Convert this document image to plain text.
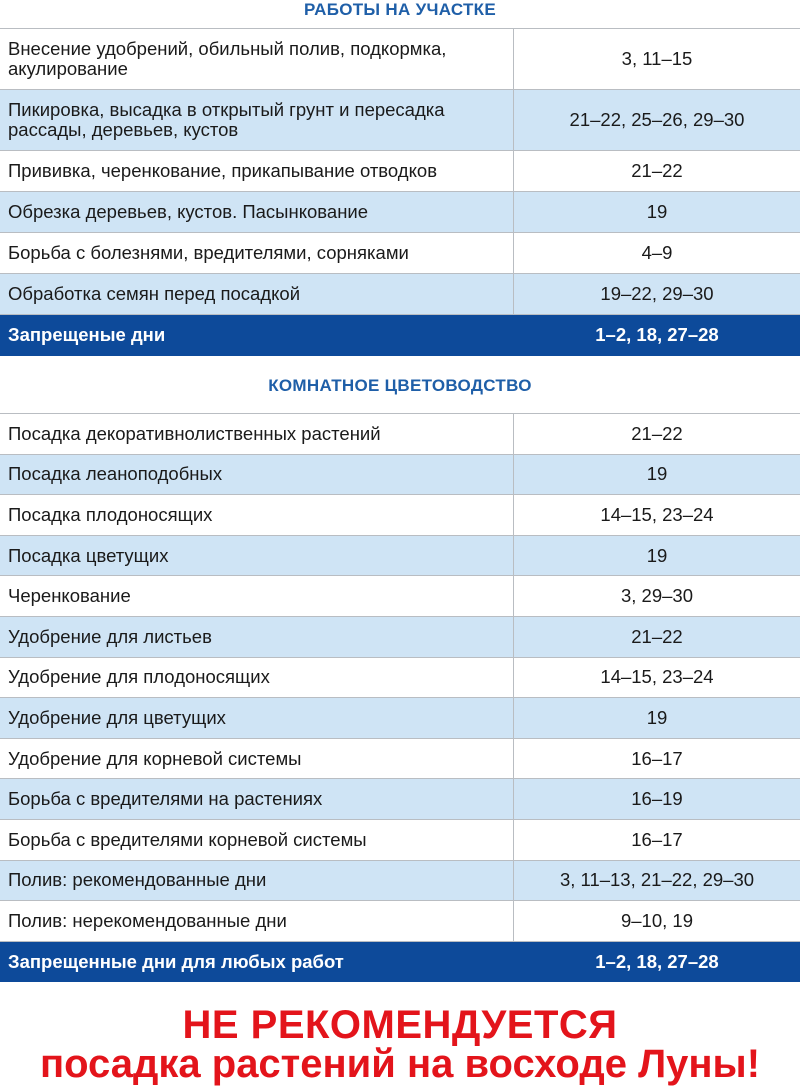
РАБОТЫ НА УЧАСТКЕ
Внесение удобрений, обильный полив, подкормка, акулирование	3, 11–15
Пикировка, высадка в открытый грунт и пересадка рассады, деревьев, кустов	21–22, 25–26, 29–30
Прививка, черенкование, прикапывание отводков	21–22
Обрезка деревьев, кустов. Пасынкование	19
Борьба с болезнями, вредителями, сорняками	4–9
Обработка семян перед посадкой	19–22, 29–30
Запрещеные дни	1–2, 18, 27–28
КОМНАТНОЕ ЦВЕТОВОДСТВО
Посадка декоративнолиственных растений	21–22
Посадка леаноподобных	19
Посадка плодоносящих	14–15, 23–24
Посадка цветущих	19
Черенкование	3, 29–30
Удобрение для листьев	21–22
Удобрение для плодоносящих	14–15, 23–24
Удобрение для цветущих	19
Удобрение для корневой системы	16–17
Борьба с вредителями на растениях	16–19
Борьба с вредителями корневой системы	16–17
Полив: рекомендованные дни	3, 11–13, 21–22, 29–30
Полив: нерекомендованные дни	9–10, 19
Запрещенные дни для любых работ	1–2, 18, 27–28
НЕ РЕКОМЕНДУЕТСЯ
посадка растений на восходе Луны!
